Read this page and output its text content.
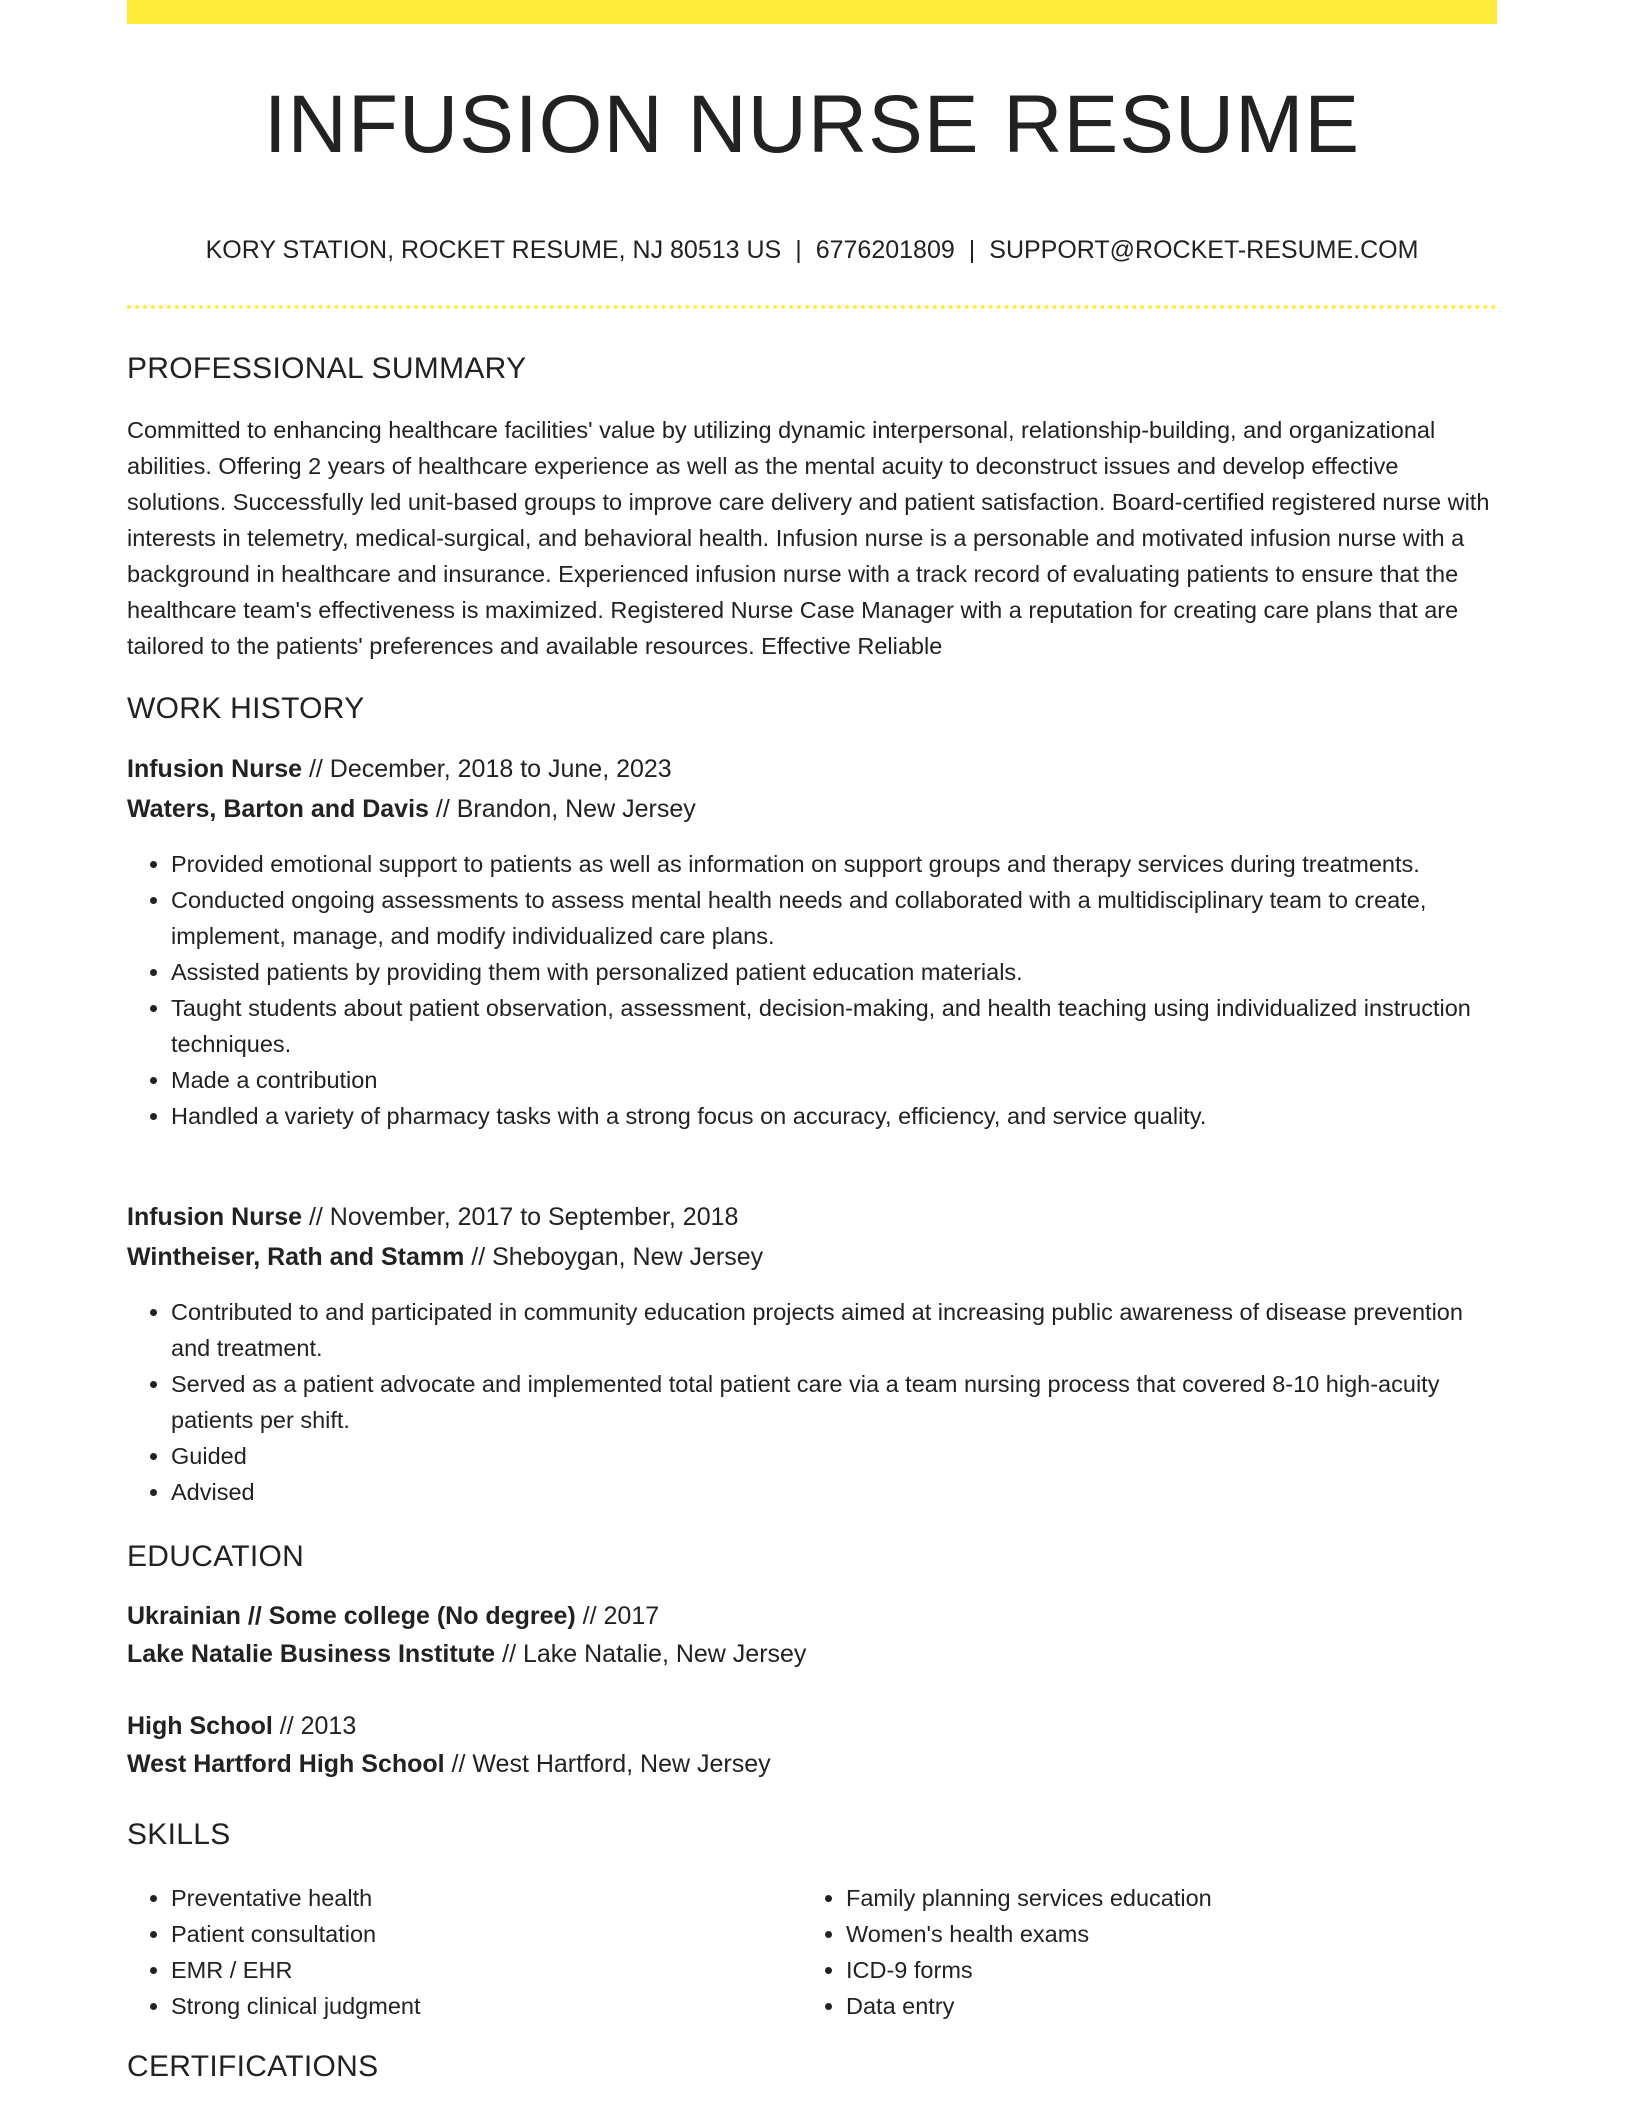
INFUSION NURSE RESUME
KORY STATION, ROCKET RESUME, NJ 80513 US | 6776201809 | SUPPORT@ROCKET-RESUME.COM
PROFESSIONAL SUMMARY
Committed to enhancing healthcare facilities' value by utilizing dynamic interpersonal, relationship-building, and organizational abilities. Offering 2 years of healthcare experience as well as the mental acuity to deconstruct issues and develop effective solutions. Successfully led unit-based groups to improve care delivery and patient satisfaction. Board-certified registered nurse with interests in telemetry, medical-surgical, and behavioral health. Infusion nurse is a personable and motivated infusion nurse with a background in healthcare and insurance. Experienced infusion nurse with a track record of evaluating patients to ensure that the healthcare team's effectiveness is maximized. Registered Nurse Case Manager with a reputation for creating care plans that are tailored to the patients' preferences and available resources. Effective Reliable
WORK HISTORY
Infusion Nurse // December, 2018 to June, 2023
Waters, Barton and Davis // Brandon, New Jersey
• Provided emotional support to patients as well as information on support groups and therapy services during treatments.
• Conducted ongoing assessments to assess mental health needs and collaborated with a multidisciplinary team to create, implement, manage, and modify individualized care plans.
• Assisted patients by providing them with personalized patient education materials.
• Taught students about patient observation, assessment, decision-making, and health teaching using individualized instruction techniques.
• Made a contribution
• Handled a variety of pharmacy tasks with a strong focus on accuracy, efficiency, and service quality.
Infusion Nurse // November, 2017 to September, 2018
Wintheiser, Rath and Stamm // Sheboygan, New Jersey
• Contributed to and participated in community education projects aimed at increasing public awareness of disease prevention and treatment.
• Served as a patient advocate and implemented total patient care via a team nursing process that covered 8-10 high-acuity patients per shift.
• Guided
• Advised
EDUCATION
Ukrainian // Some college (No degree) // 2017
Lake Natalie Business Institute // Lake Natalie, New Jersey
High School // 2013
West Hartford High School // West Hartford, New Jersey
SKILLS
• Preventative health
• Patient consultation
• EMR / EHR
• Strong clinical judgment
• Family planning services education
• Women's health exams
• ICD-9 forms
• Data entry
CERTIFICATIONS
